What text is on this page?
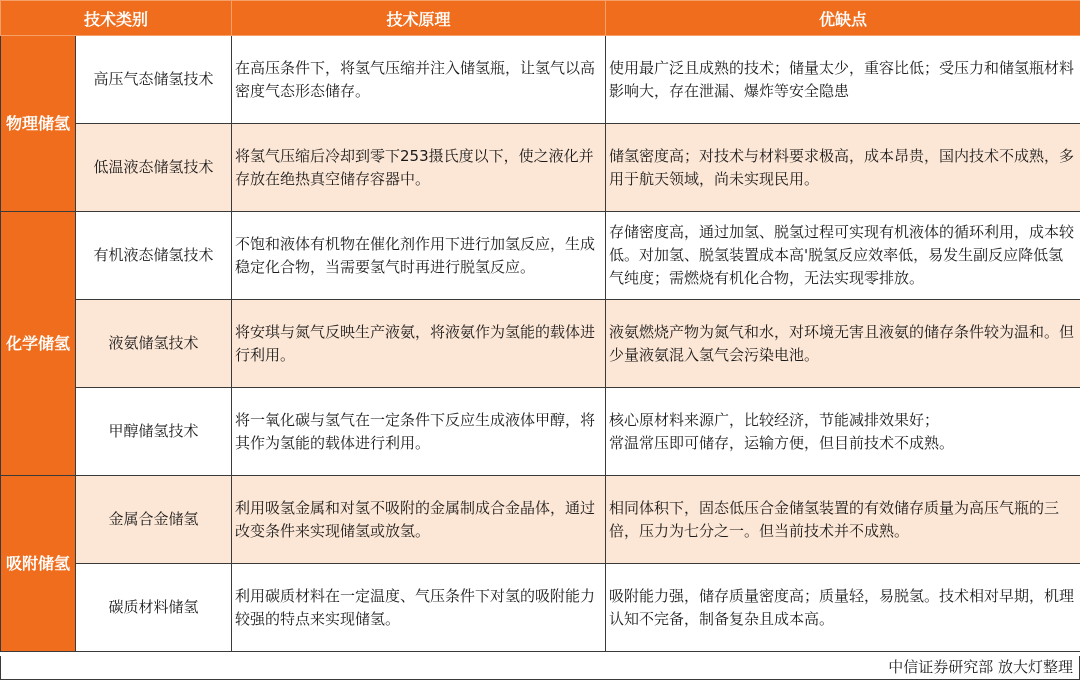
技术类别		技术原理	优缺点
物理储氢	高压气态储氢技术	在高压条件下，将氢气压缩并注入储氢瓶，让氢气以高密度气态形态储存。	使用最广泛且成熟的技术；储量太少，重容比低；受压力和储氢瓶材料影响大，存在泄漏、爆炸等安全隐患
	低温液态储氢技术	将氢气压缩后冷却到零下253摄氏度以下，使之液化并存放在绝热真空储存容器中。	储氢密度高；对技术与材料要求极高，成本昂贵，国内技术不成熟，多用于航天领域，尚未实现民用。
化学储氢	有机液态储氢技术	不饱和液体有机物在催化剂作用下进行加氢反应，生成稳定化合物，当需要氢气时再进行脱氢反应。	存储密度高，通过加氢、脱氢过程可实现有机液体的循环利用，成本较低。对加氢、脱氢装置成本高'脱氢反应效率低，易发生副反应降低氢气纯度；需燃烧有机化合物，无法实现零排放。
	液氨储氢技术	将安琪与氮气反映生产液氨，将液氨作为氢能的载体进行利用。	液氨燃烧产物为氮气和水，对环境无害且液氨的储存条件较为温和。但少量液氨混入氢气会污染电池。
	甲醇储氢技术	将一氧化碳与氢气在一定条件下反应生成液体甲醇，将其作为氢能的载体进行利用。	核心原材料来源广，比较经济，节能减排效果好；
常温常压即可储存，运输方便，但目前技术不成熟。

吸附储氢	金属合金储氢	利用吸氢金属和对氢不吸附的金属制成合金晶体，通过改变条件来实现储氢或放氢。	相同体积下，固态低压合金储氢装置的有效储存质量为高压气瓶的三倍，压力为七分之一。但当前技术并不成熟。
	碳质材料储氢	利用碳质材料在一定温度、气压条件下对氢的吸附能力较强的特点来实现储氢。	吸附能力强，储存质量密度高；质量轻，易脱氢。技术相对早期，机理认知不完备，制备复杂且成本高。
中信证券研究部 放大灯整理
